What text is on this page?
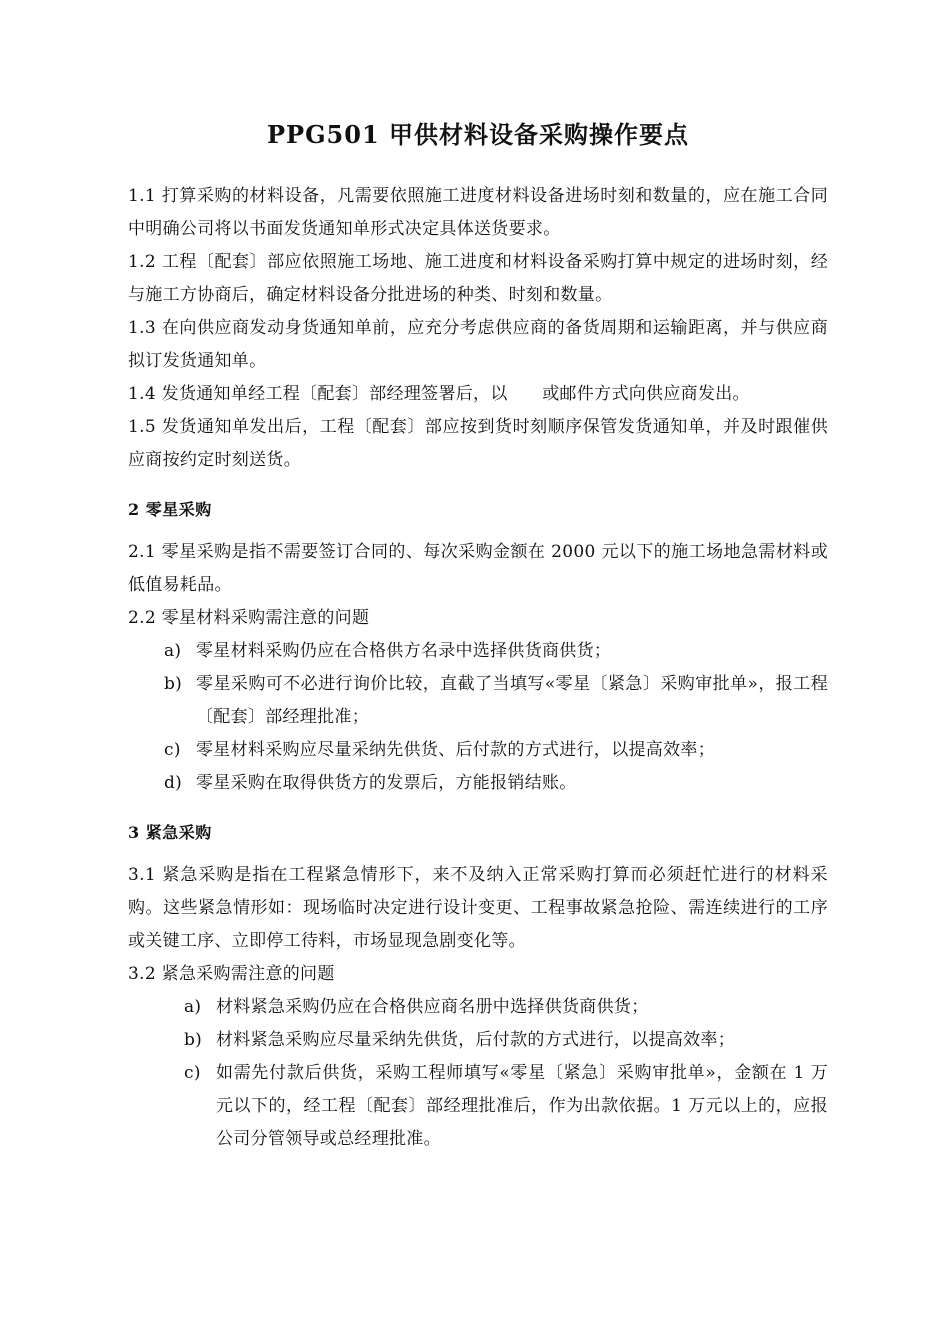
PPG501 甲供材料设备采购操作要点

1.1 打算采购的材料设备，凡需要依照施工进度材料设备进场时刻和数量的，应在施工合同中明确公司将以书面发货通知单形式决定具体送货要求。

1.2 工程〔配套〕部应依照施工场地、施工进度和材料设备采购打算中规定的进场时刻，经与施工方协商后，确定材料设备分批进场的种类、时刻和数量。

1.3 在向供应商发动身货通知单前，应充分考虑供应商的备货周期和运输距离，并与供应商拟订发货通知单。

1.4 发货通知单经工程〔配套〕部经理签署后，以　　或邮件方式向供应商发出。

1.5 发货通知单发出后，工程〔配套〕部应按到货时刻顺序保管发货通知单，并及时跟催供应商按约定时刻送货。

2 零星采购

2.1 零星采购是指不需要签订合同的、每次采购金额在 2000 元以下的施工场地急需材料或低值易耗品。

2.2 零星材料采购需注意的问题

a) 零星材料采购仍应在合格供方名录中选择供货商供货；
b) 零星采购可不必进行询价比较，直截了当填写«零星〔紧急〕采购审批单»，报工程〔配套〕部经理批准；
c) 零星材料采购应尽量采纳先供货、后付款的方式进行，以提高效率；
d) 零星采购在取得供货方的发票后，方能报销结账。
3 紧急采购

3.1 紧急采购是指在工程紧急情形下，来不及纳入正常采购打算而必须赶忙进行的材料采购。这些紧急情形如：现场临时决定进行设计变更、工程事故紧急抢险、需连续进行的工序或关键工序、立即停工待料，市场显现急剧变化等。

3.2 紧急采购需注意的问题

a) 材料紧急采购仍应在合格供应商名册中选择供货商供货；
b) 材料紧急采购应尽量采纳先供货，后付款的方式进行，以提高效率；
c) 如需先付款后供货，采购工程师填写«零星〔紧急〕采购审批单»，金额在 1 万元以下的，经工程〔配套〕部经理批准后，作为出款依据。1 万元以上的，应报公司分管领导或总经理批准。
